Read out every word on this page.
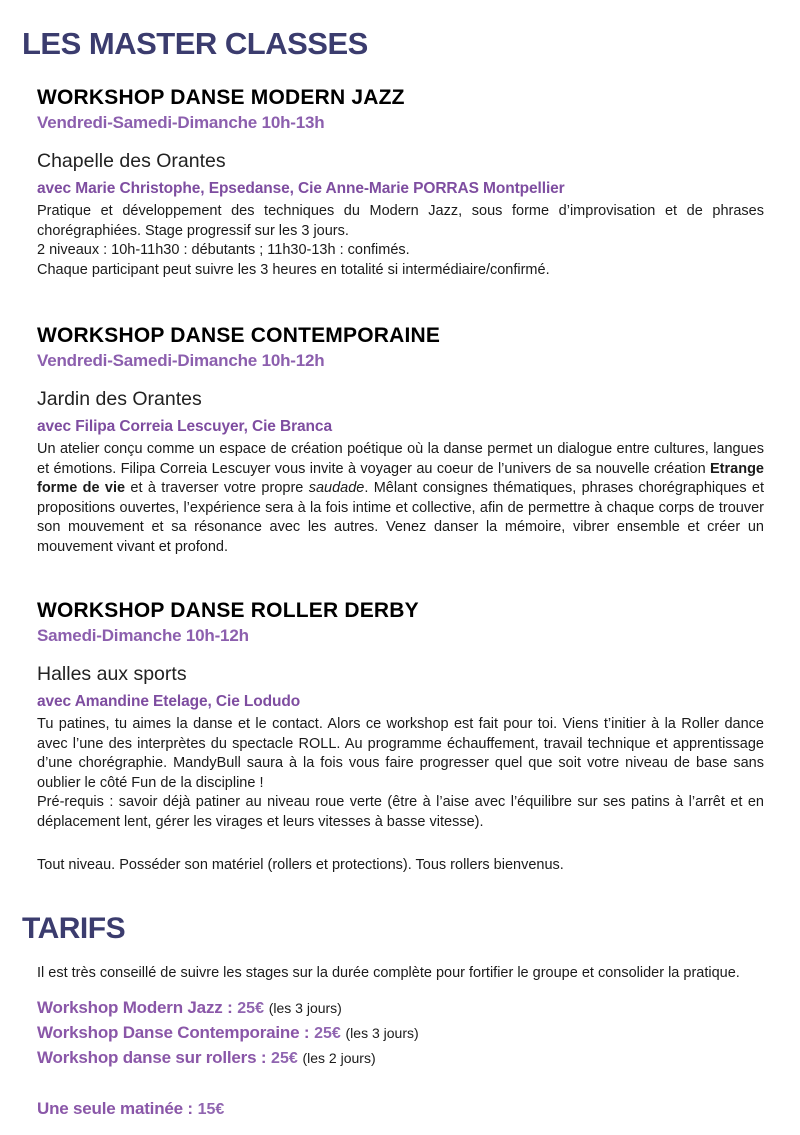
LES MASTER CLASSES
WORKSHOP DANSE MODERN JAZZ
Vendredi-Samedi-Dimanche 10h-13h
Chapelle des Orantes
avec Marie Christophe, Epsedanse, Cie Anne-Marie PORRAS Montpellier

Pratique et développement des techniques du Modern Jazz, sous forme d’improvisation et de phrases chorégraphiées. Stage progressif sur les 3 jours.

2 niveaux : 10h-11h30 : débutants ; 11h30-13h : confimés.

Chaque participant peut suivre les 3 heures en totalité si intermédiaire/confirmé.

WORKSHOP DANSE CONTEMPORAINE
Vendredi-Samedi-Dimanche 10h-12h
Jardin des Orantes
avec Filipa Correia Lescuyer, Cie Branca

Un atelier conçu comme un espace de création poétique où la danse permet un dialogue entre cultures, langues et émotions. Filipa Correia Lescuyer vous invite à voyager au coeur de l’univers de sa nouvelle création Etrange forme de vie et à traverser votre propre saudade. Mêlant consignes thématiques, phrases chorégraphiques et propositions ouvertes, l’expérience sera à la fois intime et collective, afin de permettre à chaque corps de trouver son mouvement et sa résonance avec les autres. Venez danser la mémoire, vibrer ensemble et créer un mouvement vivant et profond.

WORKSHOP DANSE ROLLER DERBY
Samedi-Dimanche 10h-12h
Halles aux sports
avec Amandine Etelage, Cie Lodudo

Tu patines, tu aimes la danse et le contact. Alors ce workshop est fait pour toi. Viens t’initier à la Roller dance avec l’une des interprètes du spectacle ROLL. Au programme échauffement, travail technique et apprentissage d’une chorégraphie. MandyBull saura à la fois vous faire progresser quel que soit votre niveau de base sans oublier le côté Fun de la discipline !

Pré-requis : savoir déjà patiner au niveau roue verte (être à l’aise avec l’équilibre sur ses patins à l’arrêt et en déplacement lent, gérer les virages et leurs vitesses à basse vitesse).

Tout niveau. Posséder son matériel (rollers et protections). Tous rollers bienvenus.
TARIFS

Il est très conseillé de suivre les stages sur la durée complète pour fortifier le groupe et consolider la pratique.

Workshop Modern Jazz : 25€ (les 3 jours)
Workshop Danse Contemporaine : 25€ (les 3 jours)
Workshop danse sur rollers : 25€ (les 2 jours)
Une seule matinée : 15€
